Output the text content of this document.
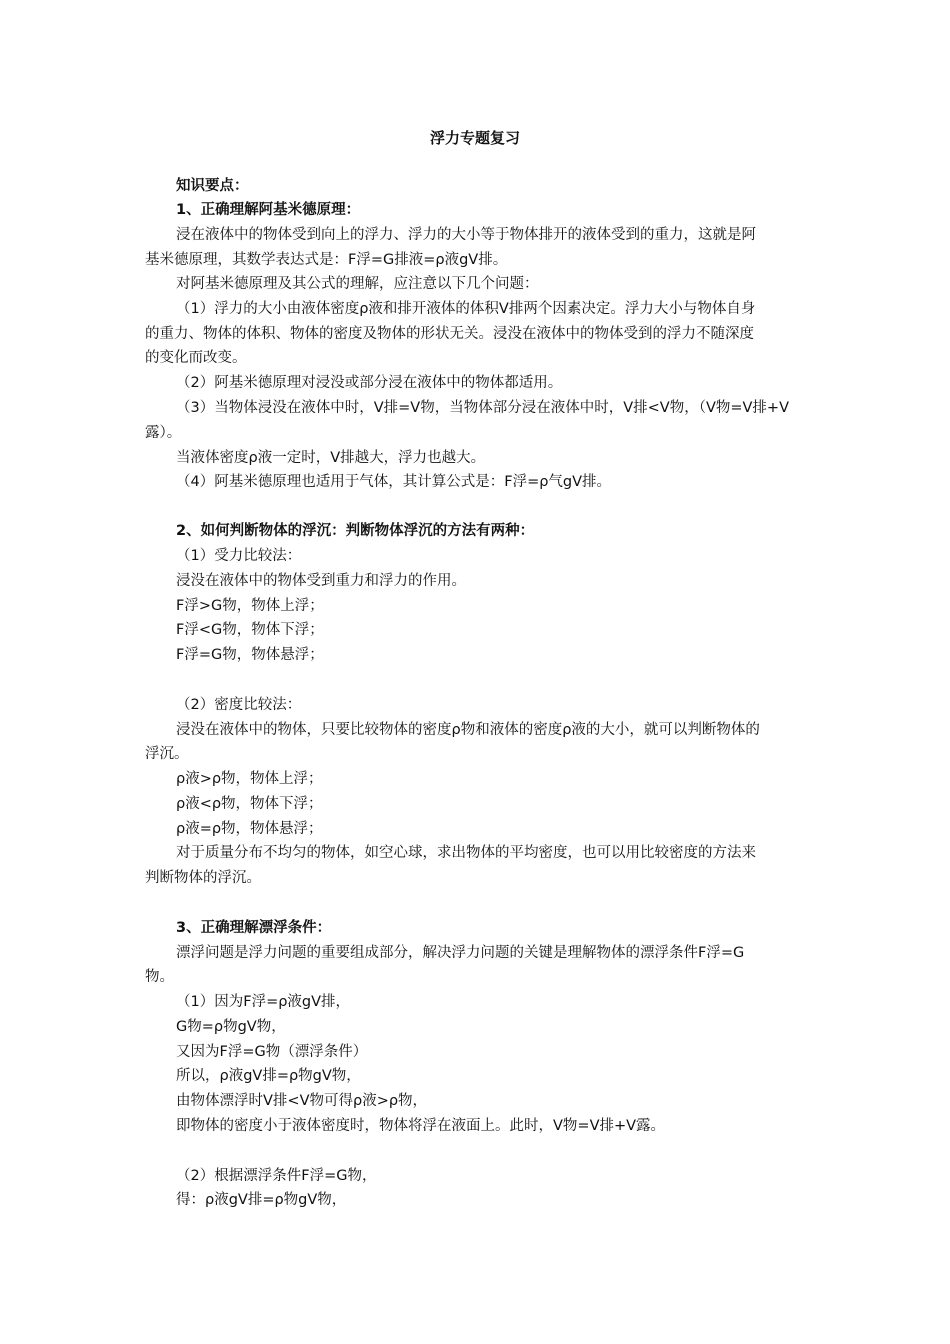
浮力专题复习
知识要点：
1、正确理解阿基米德原理：
浸在液体中的物体受到向上的浮力、浮力的大小等于物体排开的液体受到的重力，这就是阿
基米德原理，其数学表达式是：F浮=G排液=ρ液gV排。
对阿基米德原理及其公式的理解，应注意以下几个问题：
（1）浮力的大小由液体密度ρ液和排开液体的体积V排两个因素决定。浮力大小与物体自身
的重力、物体的体积、物体的密度及物体的形状无关。浸没在液体中的物体受到的浮力不随深度
的变化而改变。
（2）阿基米德原理对浸没或部分浸在液体中的物体都适用。
（3）当物体浸没在液体中时，V排=V物，当物体部分浸在液体中时，V排<V物，（V物=V排+V
露）。
当液体密度ρ液一定时，V排越大，浮力也越大。
（4）阿基米德原理也适用于气体，其计算公式是：F浮=ρ气gV排。
2、如何判断物体的浮沉：判断物体浮沉的方法有两种：
（1）受力比较法：
浸没在液体中的物体受到重力和浮力的作用。
F浮>G物，物体上浮；
F浮<G物，物体下浮；
F浮=G物，物体悬浮；
（2）密度比较法：
浸没在液体中的物体，只要比较物体的密度ρ物和液体的密度ρ液的大小，就可以判断物体的
浮沉。
ρ液>ρ物，物体上浮；
ρ液<ρ物，物体下浮；
ρ液=ρ物，物体悬浮；
对于质量分布不均匀的物体，如空心球，求出物体的平均密度，也可以用比较密度的方法来
判断物体的浮沉。
3、正确理解漂浮条件：
漂浮问题是浮力问题的重要组成部分，解决浮力问题的关键是理解物体的漂浮条件F浮=G
物。
（1）因为F浮=ρ液gV排，
G物=ρ物gV物，
又因为F浮=G物（漂浮条件）
所以，ρ液gV排=ρ物gV物，
由物体漂浮时V排<V物可得ρ液>ρ物，
即物体的密度小于液体密度时，物体将浮在液面上。此时，V物=V排+V露。
（2）根据漂浮条件F浮=G物，
得：ρ液gV排=ρ物gV物，
